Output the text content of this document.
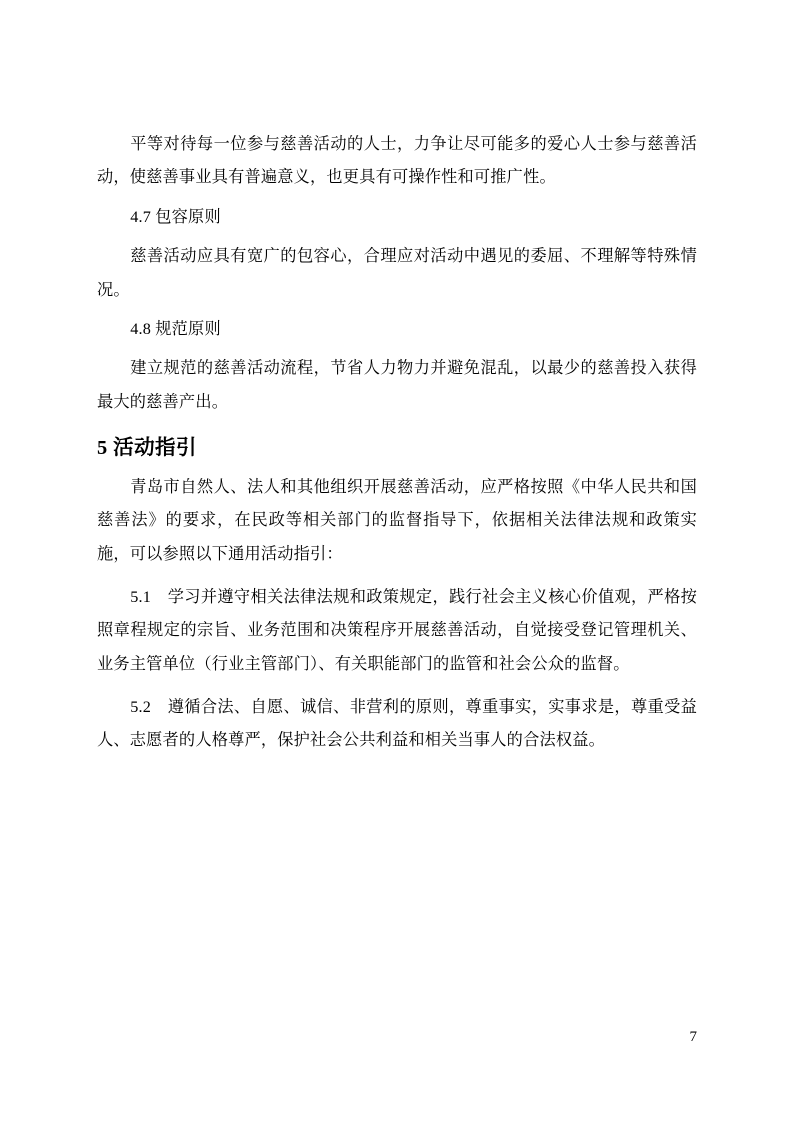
平等对待每一位参与慈善活动的人士，力争让尽可能多的爱心人士参与慈善活动，使慈善事业具有普遍意义，也更具有可操作性和可推广性。

4.7 包容原则

慈善活动应具有宽广的包容心，合理应对活动中遇见的委屈、不理解等特殊情况。

4.8 规范原则

建立规范的慈善活动流程，节省人力物力并避免混乱，以最少的慈善投入获得最大的慈善产出。

5 活动指引

青岛市自然人、法人和其他组织开展慈善活动，应严格按照《中华人民共和国慈善法》的要求，在民政等相关部门的监督指导下，依据相关法律法规和政策实施，可以参照以下通用活动指引：

5.1　学习并遵守相关法律法规和政策规定，践行社会主义核心价值观，严格按照章程规定的宗旨、业务范围和决策程序开展慈善活动，自觉接受登记管理机关、业务主管单位（行业主管部门）、有关职能部门的监管和社会公众的监督。

5.2　遵循合法、自愿、诚信、非营利的原则，尊重事实，实事求是，尊重受益人、志愿者的人格尊严，保护社会公共利益和相关当事人的合法权益。

7
